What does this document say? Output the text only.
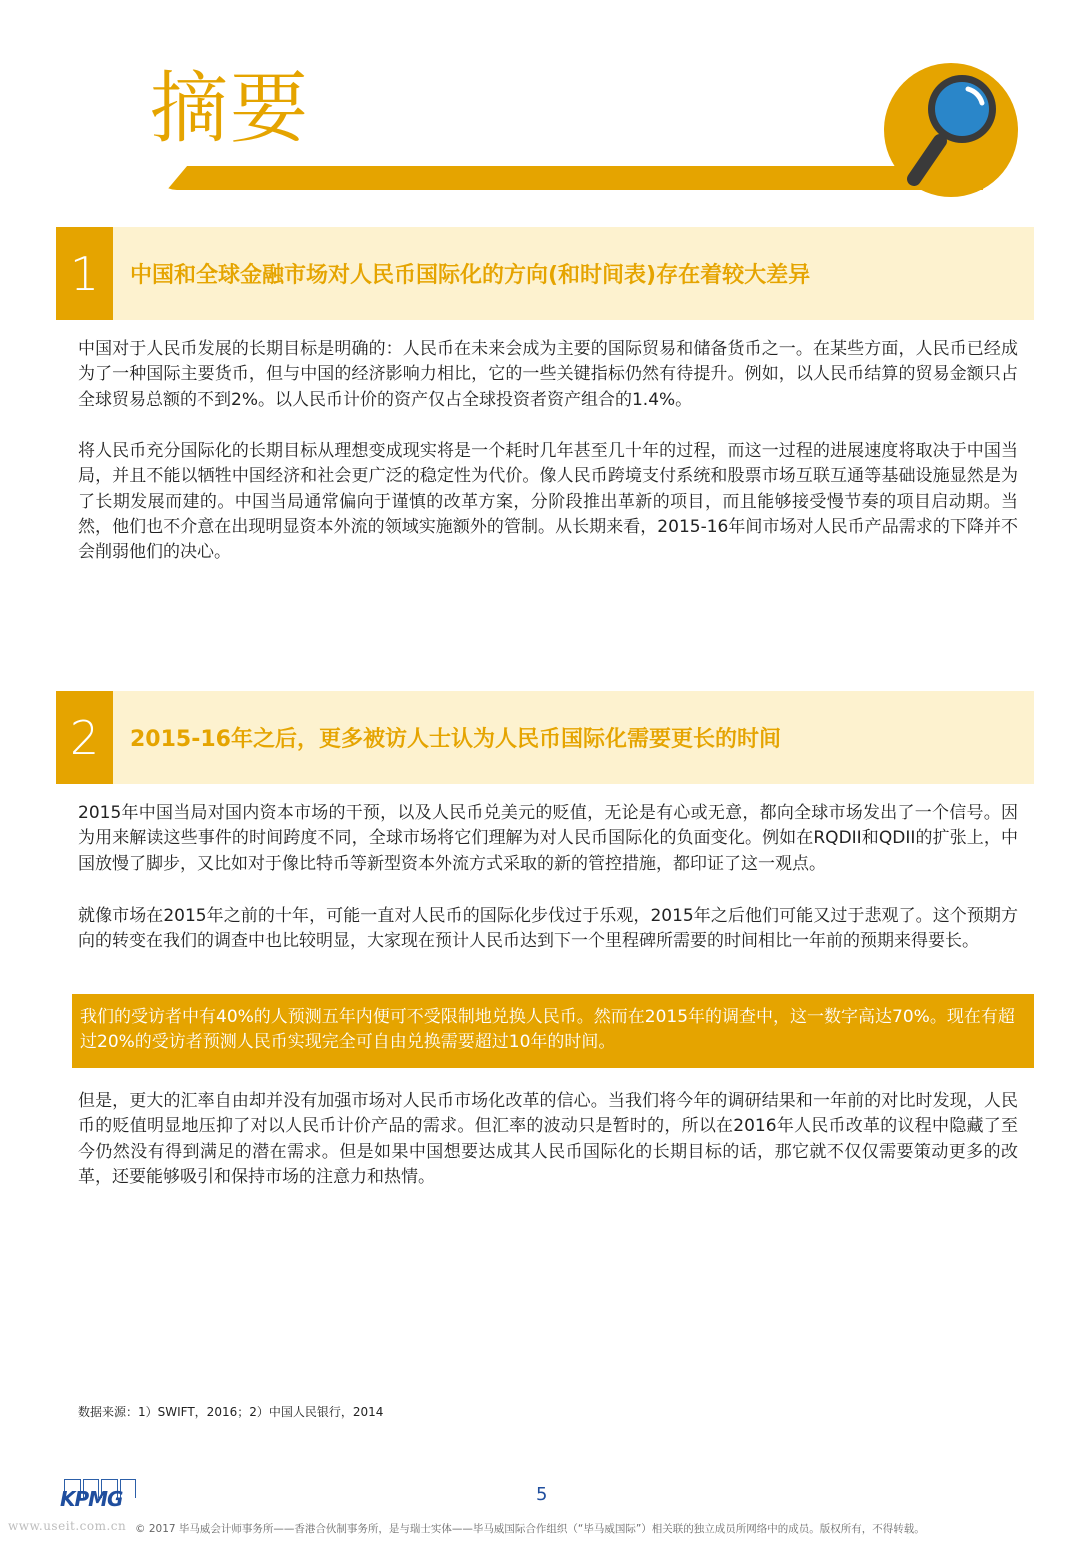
摘要
1	中国和全球金融市场对人民币国际化的方向(和时间表)存在着较大差异

中国对于人民币发展的长期目标是明确的：人民币在未来会成为主要的国际贸易和储备货币之一。在某些方面，人民币已经成为了一种国际主要货币，但与中国的经济影响力相比，它的一些关键指标仍然有待提升。例如，以人民币结算的贸易金额只占全球贸易总额的不到2%。以人民币计价的资产仅占全球投资者资产组合的1.4%。

将人民币充分国际化的长期目标从理想变成现实将是一个耗时几年甚至几十年的过程，而这一过程的进展速度将取决于中国当局，并且不能以牺牲中国经济和社会更广泛的稳定性为代价。像人民币跨境支付系统和股票市场互联互通等基础设施显然是为了长期发展而建的。中国当局通常偏向于谨慎的改革方案，分阶段推出革新的项目，而且能够接受慢节奏的项目启动期。当然，他们也不介意在出现明显资本外流的领域实施额外的管制。从长期来看，2015-16年间市场对人民币产品需求的下降并不会削弱他们的决心。

2	2015-16年之后，更多被访人士认为人民币国际化需要更长的时间

2015年中国当局对国内资本市场的干预，以及人民币兑美元的贬值，无论是有心或无意，都向全球市场发出了一个信号。因为用来解读这些事件的时间跨度不同，全球市场将它们理解为对人民币国际化的负面变化。例如在RQDII和QDII的扩张上，中国放慢了脚步，又比如对于像比特币等新型资本外流方式采取的新的管控措施，都印证了这一观点。

就像市场在2015年之前的十年，可能一直对人民币的国际化步伐过于乐观，2015年之后他们可能又过于悲观了。这个预期方向的转变在我们的调查中也比较明显，大家现在预计人民币达到下一个里程碑所需要的时间相比一年前的预期来得要长。

我们的受访者中有40%的人预测五年内便可不受限制地兑换人民币。然而在2015年的调查中，这一数字高达70%。现在有超过20%的受访者预测人民币实现完全可自由兑换需要超过10年的时间。

但是，更大的汇率自由却并没有加强市场对人民币市场化改革的信心。当我们将今年的调研结果和一年前的对比时发现，人民币的贬值明显地压抑了对以人民币计价产品的需求。但汇率的波动只是暂时的，所以在2016年人民币改革的议程中隐藏了至今仍然没有得到满足的潜在需求。但是如果中国想要达成其人民币国际化的长期目标的话，那它就不仅仅需要策动更多的改革，还要能够吸引和保持市场的注意力和热情。

数据来源：1）SWIFT，2016；2）中国人民银行，2014
KPMG	5
www.useit.com.cn © 2017 毕马威会计师事务所——香港合伙制事务所，是与瑞士实体——毕马威国际合作组织（“毕马威国际”）相关联的独立成员所网络中的成员。版权所有，不得转载。
